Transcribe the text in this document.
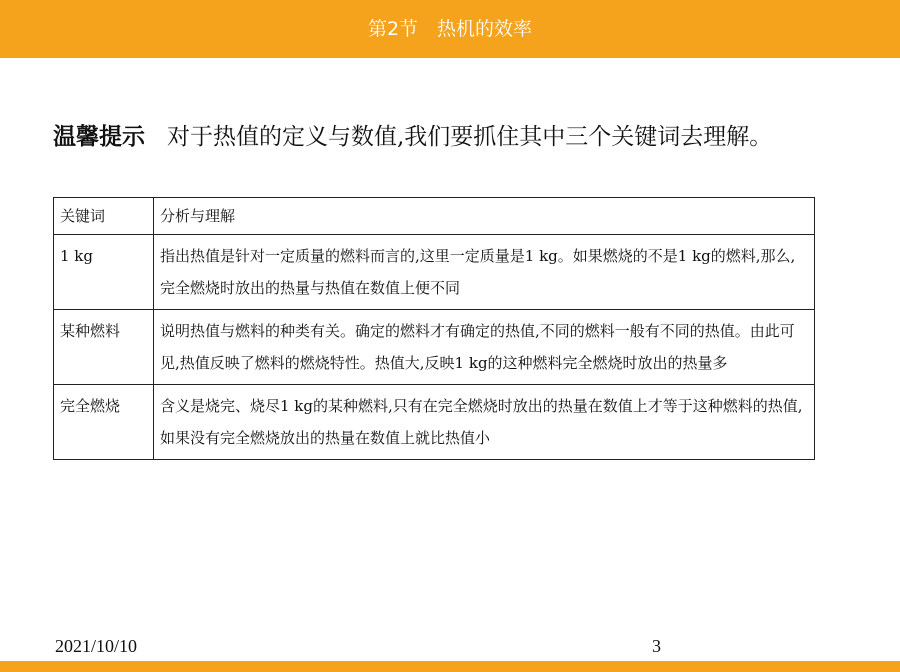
第2节　热机的效率
温馨提示 对于热值的定义与数值,我们要抓住其中三个关键词去理解。
关键词	分析与理解
1 kg	指出热值是针对一定质量的燃料而言的,这里一定质量是1 kg。如果燃烧的不是1 kg的燃料,那么,完全燃烧时放出的热量与热值在数值上便不同
某种燃料	说明热值与燃料的种类有关。确定的燃料才有确定的热值,不同的燃料一般有不同的热值。由此可见,热值反映了燃料的燃烧特性。热值大,反映1 kg的这种燃料完全燃烧时放出的热量多
完全燃烧	含义是烧完、烧尽1 kg的某种燃料,只有在完全燃烧时放出的热量在数值上才等于这种燃料的热值,如果没有完全燃烧放出的热量在数值上就比热值小
2021/10/10	3
